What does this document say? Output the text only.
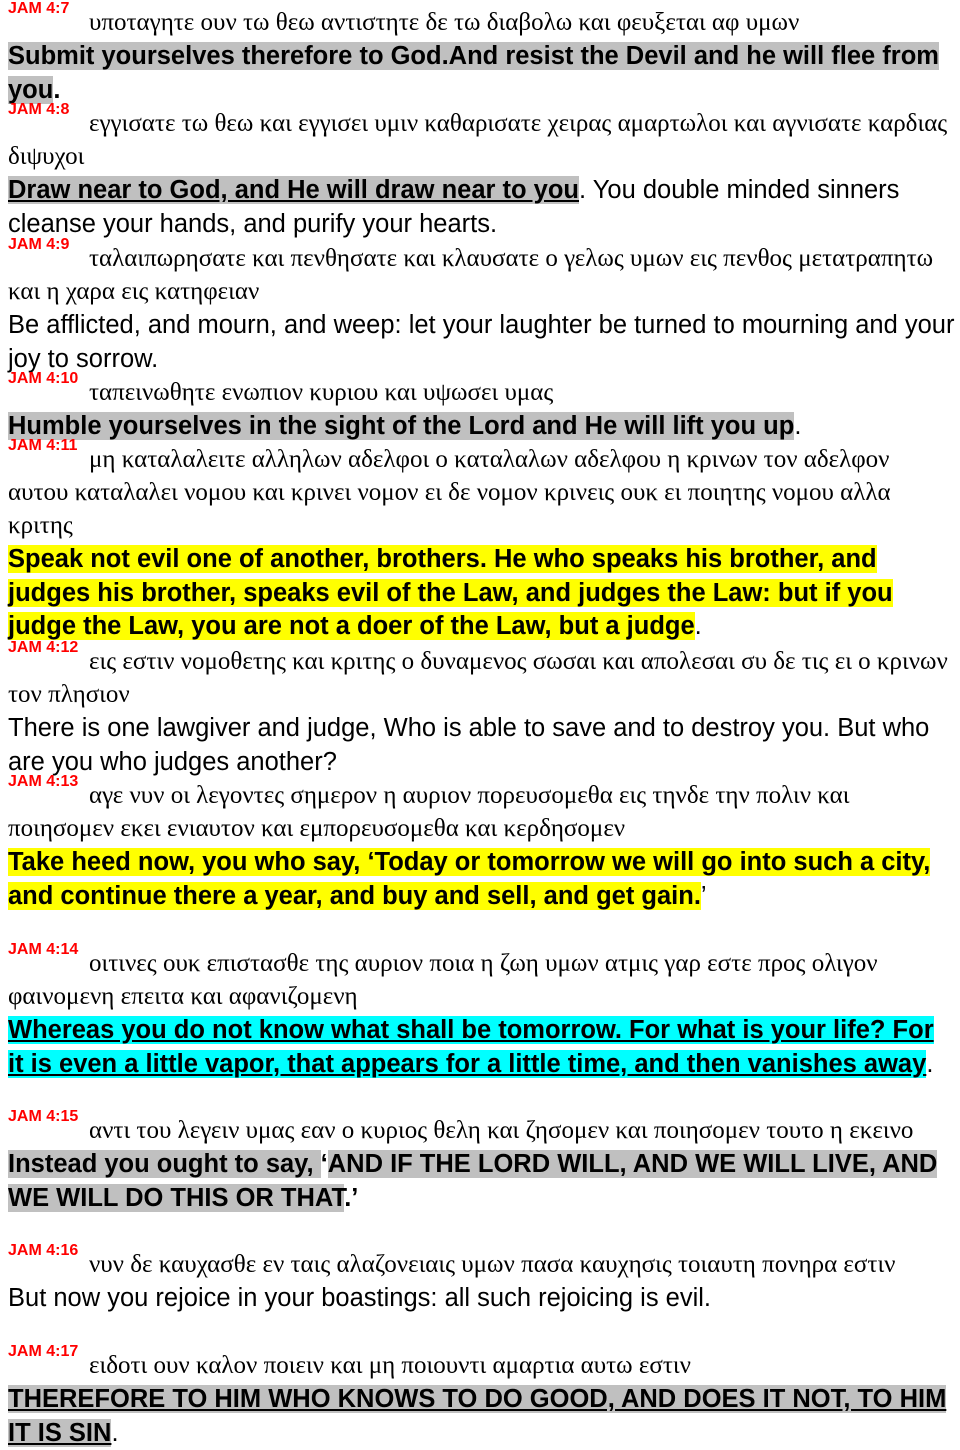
JAM 4:7

υποταγητε ουν τω θεω αντιστητε δε τω διαβολω και φευξεται αφ υμων

Submit yourselves therefore to God.And resist the Devil and he will flee from you.

JAM 4:8

εγγισατε τω θεω και εγγισει υμιν καθαρισατε χειρας αμαρτωλοι και αγνισατε καρδιας διψυχοι

Draw near to God, and He will draw near to you. You double minded sinners cleanse your hands, and purify your hearts.

JAM 4:9

ταλαιπωρησατε και πενθησατε και κλαυσατε ο γελως υμων εις πενθος μετατραπητω και η χαρα εις κατηφειαν

Be afflicted, and mourn, and weep: let your laughter be turned to mourning and your joy to sorrow.

JAM 4:10

ταπεινωθητε ενωπιον κυριου και υψωσει υμας

Humble yourselves in the sight of the Lord and He will lift you up.

JAM 4:11

μη καταλαλειτε αλληλων αδελφοι ο καταλαλων αδελφου η κρινων τον αδελφον αυτου καταλαλει νομου και κρινει νομον ει δε νομον κρινεις ουκ ει ποιητης νομου αλλα κριτης

Speak not evil one of another, brothers. He who speaks his brother, and judges his brother, speaks evil of the Law, and judges the Law: but if you judge the Law, you are not a doer of the Law, but a judge.

JAM 4:12

εις εστιν νομοθετης και κριτης ο δυναμενος σωσαι και απολεσαι συ δε τις ει ο κρινων τον πλησιον

There is one lawgiver and judge, Who is able to save and to destroy you. But who are you who judges another?

JAM 4:13

αγε νυν οι λεγοντες σημερον η αυριον πορευσομεθα εις τηνδε την πολιν και ποιησομεν εκει ενιαυτον και εμπορευσομεθα και κερδησομεν

Take heed now, you who say, ‘Today or tomorrow we will go into such a city, and continue there a year, and buy and sell, and get gain.’

JAM 4:14

οιτινες ουκ επιστασθε της αυριον ποια η ζωη υμων ατμις γαρ εστε προς ολιγον φαινομενη επειτα και αφανιζομενη

Whereas you do not know what shall be tomorrow. For what is your life? For it is even a little vapor, that appears for a little time, and then vanishes away.

JAM 4:15

αντι του λεγειν υμας εαν ο κυριος θελη και ζησομεν και ποιησομεν τουτο η εκεινο

Instead you ought to say, ‘AND IF THE LORD WILL, AND WE WILL LIVE, AND WE WILL DO THIS OR THAT.’

JAM 4:16

νυν δε καυχασθε εν ταις αλαζονειαις υμων πασα καυχησις τοιαυτη πονηρα εστιν

But now you rejoice in your boastings: all such rejoicing is evil.

JAM 4:17

ειδοτι ουν καλον ποιειν και μη ποιουντι αμαρτια αυτω εστιν

THEREFORE TO HIM WHO KNOWS TO DO GOOD, AND DOES IT NOT, TO HIM IT IS SIN.
